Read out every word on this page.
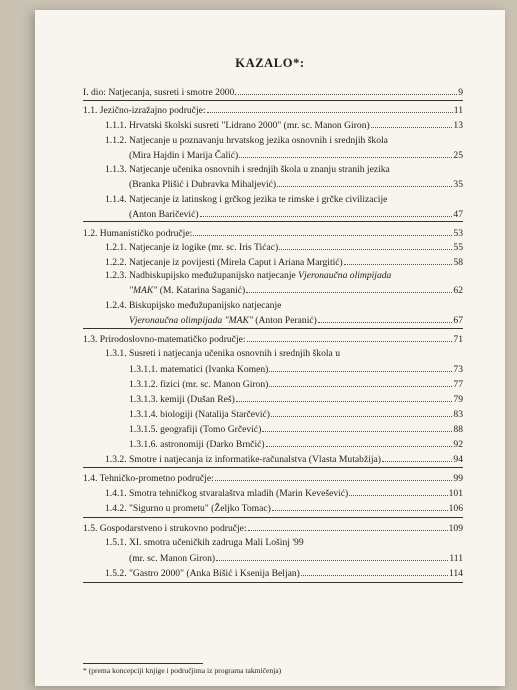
KAZALO*:
I. dio: Natjecanja, susreti i smotre 2000.	9
1.1. Jezično-izražajno područje:	11
1.1.1. Hrvatski školski susreti "Lidrano 2000" (mr. sc. Manon Giron)	13
1.1.2. Natjecanje u poznavanju hrvatskog jezika osnovnih i srednjih škola
(Mira Hajdin i Marija Čalić)	25
1.1.3. Natjecanje učenika osnovnih i srednjih škola u znanju stranih jezika
(Branka Plišić i Dubravka Mihaljević)	35
1.1.4. Natjecanje iz latinskog i grčkog jezika te rimske i grčke civilizacije
(Anton Baričević)	47
1.2. Humanističko područje:	53
1.2.1. Natjecanje iz logike (mr. sc. Iris Tićac)	55
1.2.2. Natjecanje iz povijesti (Mirela Caput i Ariana Margitić)	58
1.2.3. Nadbiskupijsko međužupanijsko natjecanje Vjeronaučna olimpijada
"MAK" (M. Katarina Saganić)	62
1.2.4. Biskupijsko međužupanijsko natjecanje
Vjeronaučna olimpijada "MAK" (Anton Peranić)	67
1.3. Prirodoslovno-matematičko područje:	71
1.3.1. Susreti i natjecanja učenika osnovnih i srednjih škola u
1.3.1.1. matematici (Ivanka Komen)	73
1.3.1.2. fizici (mr. sc. Manon Giron)	77
1.3.1.3. kemiji (Dušan Reš)	79
1.3.1.4. biologiji (Natalija Starčević)	83
1.3.1.5. geografiji (Tomo Grčević)	88
1.3.1.6. astronomiji (Darko Brnčić)	92
1.3.2. Smotre i natjecanja iz informatike-računalstva (Vlasta Mutabžija)	94
1.4. Tehničko-prometno područje:	99
1.4.1. Smotra tehničkog stvaralaštva mladih (Marin Kevešević)	101
1.4.2. "Sigurno u prometu" (Željko Tomac)	106
1.5. Gospodarstveno i strukovno područje:	109
1.5.1. XI. smotra učeničkih zadruga Mali Lošinj '99
(mr. sc. Manon Giron)	111
1.5.2. "Gastro 2000" (Anka Bišić i Ksenija Beljan)	114
* (prema koncepciji knjige i područjima iz programa takmičenja)
